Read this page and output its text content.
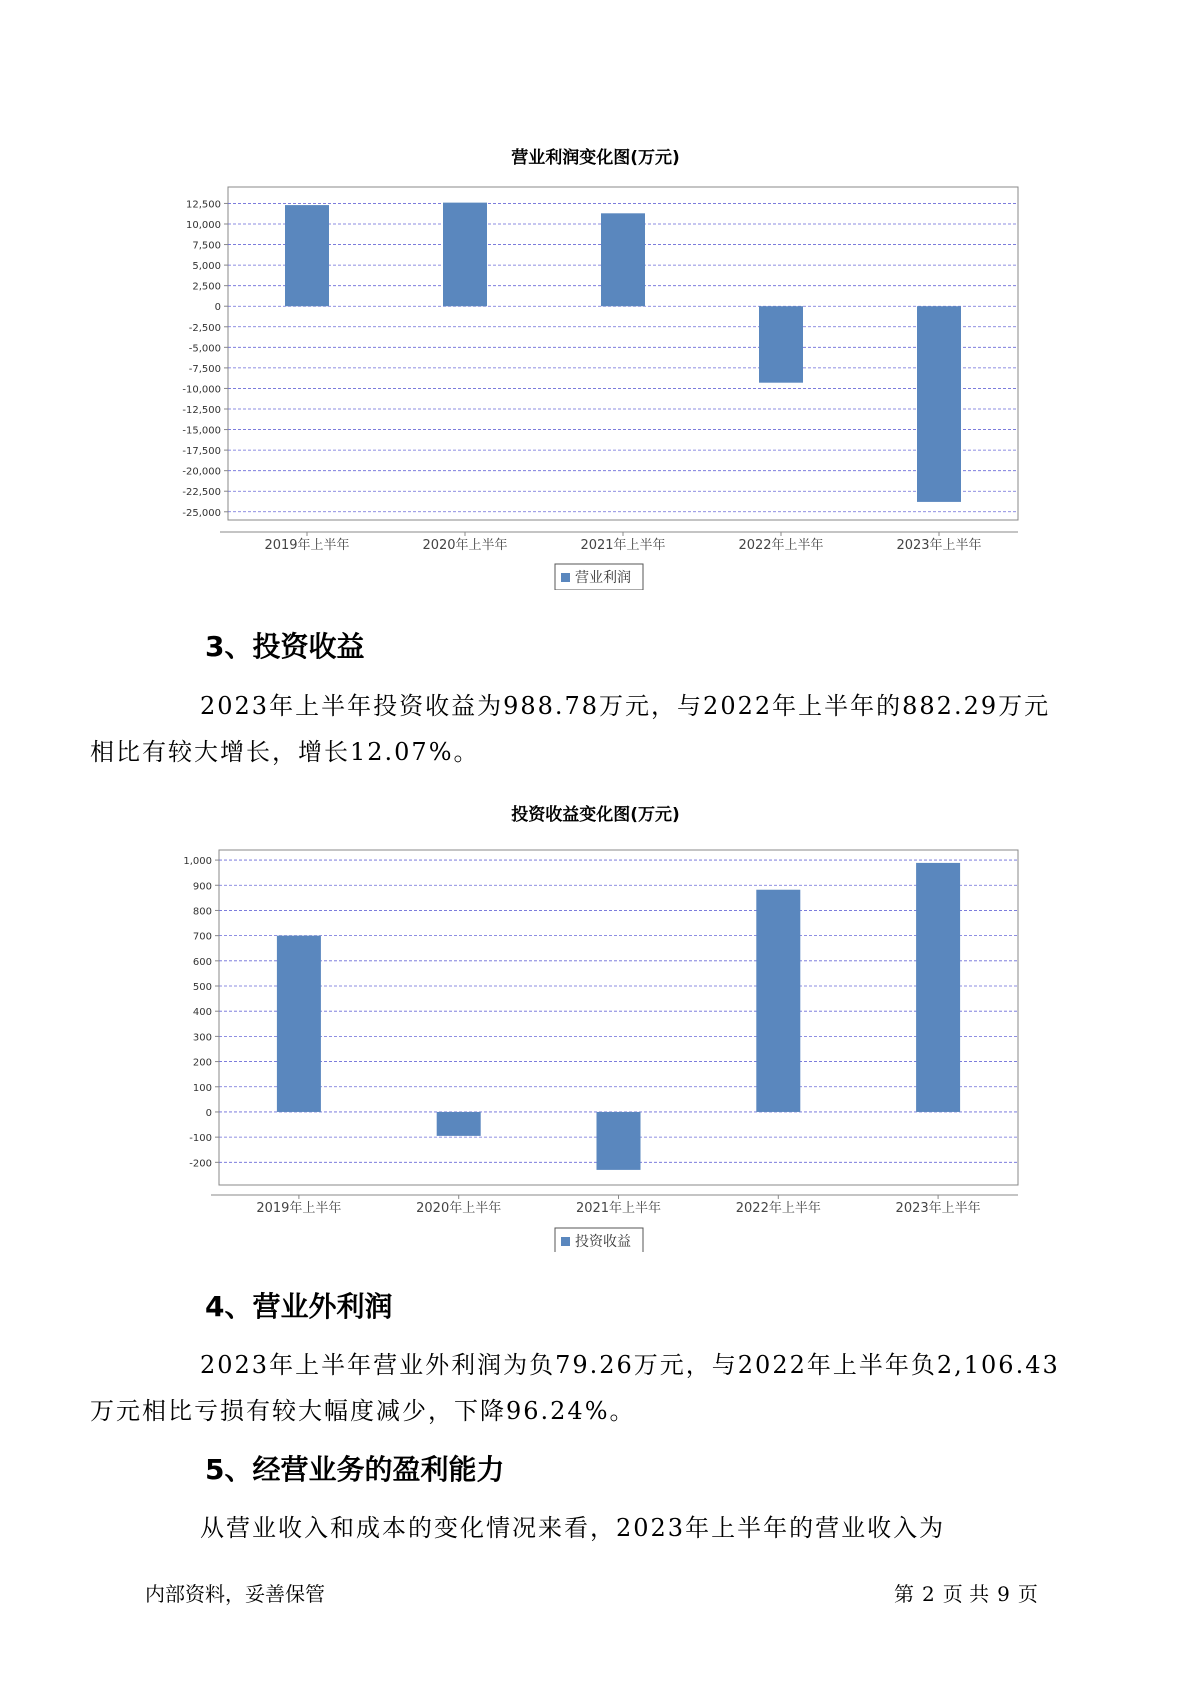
营业利润变化图(万元)
12,500
10,000
7,500
5,000
2,500
0
-2,500
-5,000
-7,500
-10,000
-12,500
-15,000
-17,500
-20,000
-22,500
-25,000
2019年上半年	2020年上半年	2021年上半年	2022年上半年	2023年上半年
营业利润
3、投资收益

2023年上半年投资收益为988.78万元，与2022年上半年的882.29万元
相比有较大增长，增长12.07%。

投资收益变化图(万元)
1,000
900
800
700
600
500
400
300
200
100
0
-100
-200
2019年上半年	2020年上半年	2021年上半年	2022年上半年	2023年上半年
投资收益
4、营业外利润

2023年上半年营业外利润为负79.26万元，与2022年上半年负2,106.43
万元相比亏损有较大幅度减少，下降96.24%。

5、经营业务的盈利能力

从营业收入和成本的变化情况来看，2023年上半年的营业收入为

内部资料，妥善保管	第 2 页 共 9 页
